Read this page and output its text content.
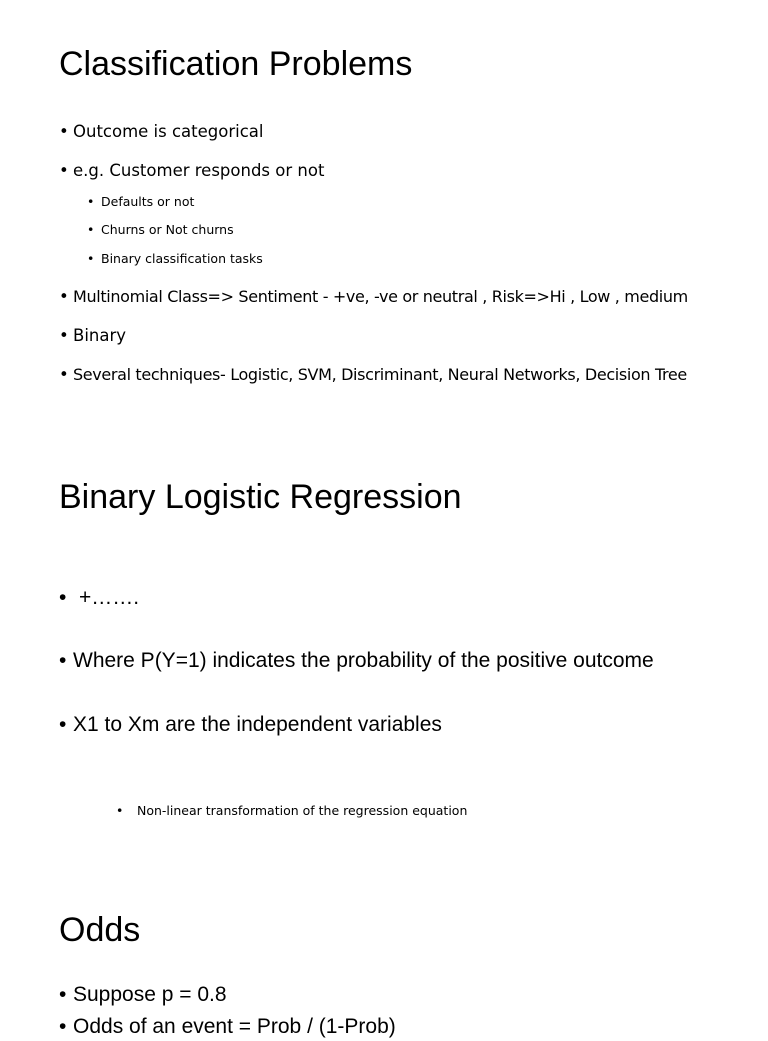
Classification Problems
• Outcome is categorical
• e.g. Customer responds or not
• Defaults or not
• Churns or Not churns
• Binary classification tasks
• Multinomial Class=> Sentiment - +ve, -ve or neutral , Risk=>Hi , Low , medium
• Binary
• Several techniques- Logistic, SVM, Discriminant, Neural Networks, Decision Tree
Binary Logistic Regression
• +…….
• Where P(Y=1) indicates the probability of the positive outcome
• X1 to Xm are the independent variables
• Non-linear transformation of the regression equation
Odds
• Suppose p = 0.8
• Odds of an event = Prob / (1-Prob)
